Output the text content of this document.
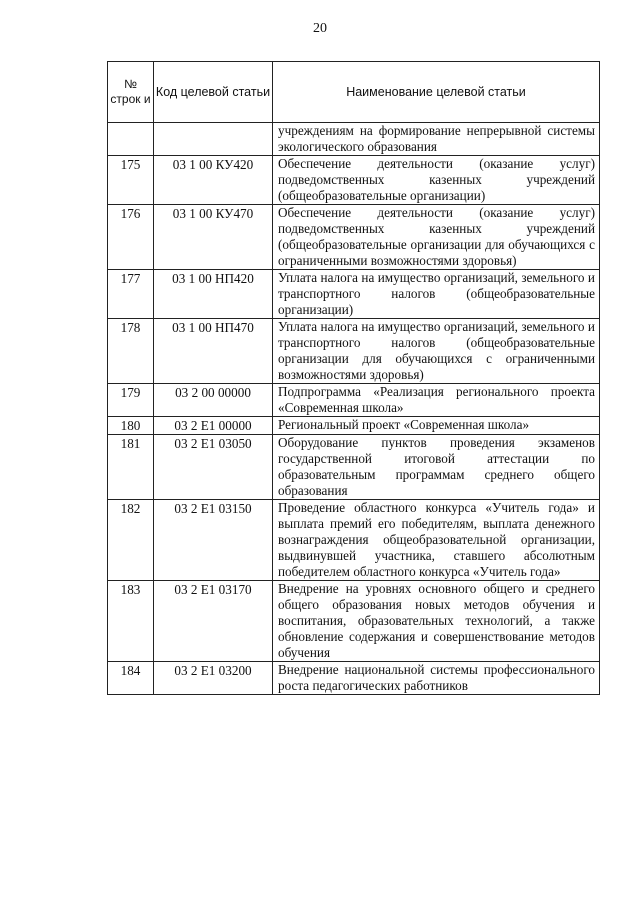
20
№ строк и	Код целевой статьи	Наименование целевой статьи
		учреждениям на формирование непрерывной системы экологического образования
175	03 1 00 КУ420	Обеспечение деятельности (оказание услуг) подведомственных казенных учреждений (общеобразовательные организации)
176	03 1 00 КУ470	Обеспечение деятельности (оказание услуг) подведомственных казенных учреждений (общеобразовательные организации для обучающихся с ограниченными возможностями здоровья)
177	03 1 00 НП420	Уплата налога на имущество организаций, земельного и транспортного налогов (общеобразовательные организации)
178	03 1 00 НП470	Уплата налога на имущество организаций, земельного и транспортного налогов (общеобразовательные организации для обучающихся с ограниченными возможностями здоровья)
179	03 2 00 00000	Подпрограмма «Реализация регионального проекта «Современная школа»
180	03 2 Е1 00000	Региональный проект «Современная школа»
181	03 2 Е1 03050	Оборудование пунктов проведения экзаменов государственной итоговой аттестации по образовательным программам среднего общего образования
182	03 2 Е1 03150	Проведение областного конкурса «Учитель года» и выплата премий его победителям, выплата денежного вознаграждения общеобразовательной организации, выдвинувшей участника, ставшего абсолютным победителем областного конкурса «Учитель года»
183	03 2 Е1 03170	Внедрение на уровнях основного общего и среднего общего образования новых методов обучения и воспитания, образовательных технологий, а также обновление содержания и совершенствование методов обучения
184	03 2 Е1 03200	Внедрение национальной системы профессионального роста педагогических работников
